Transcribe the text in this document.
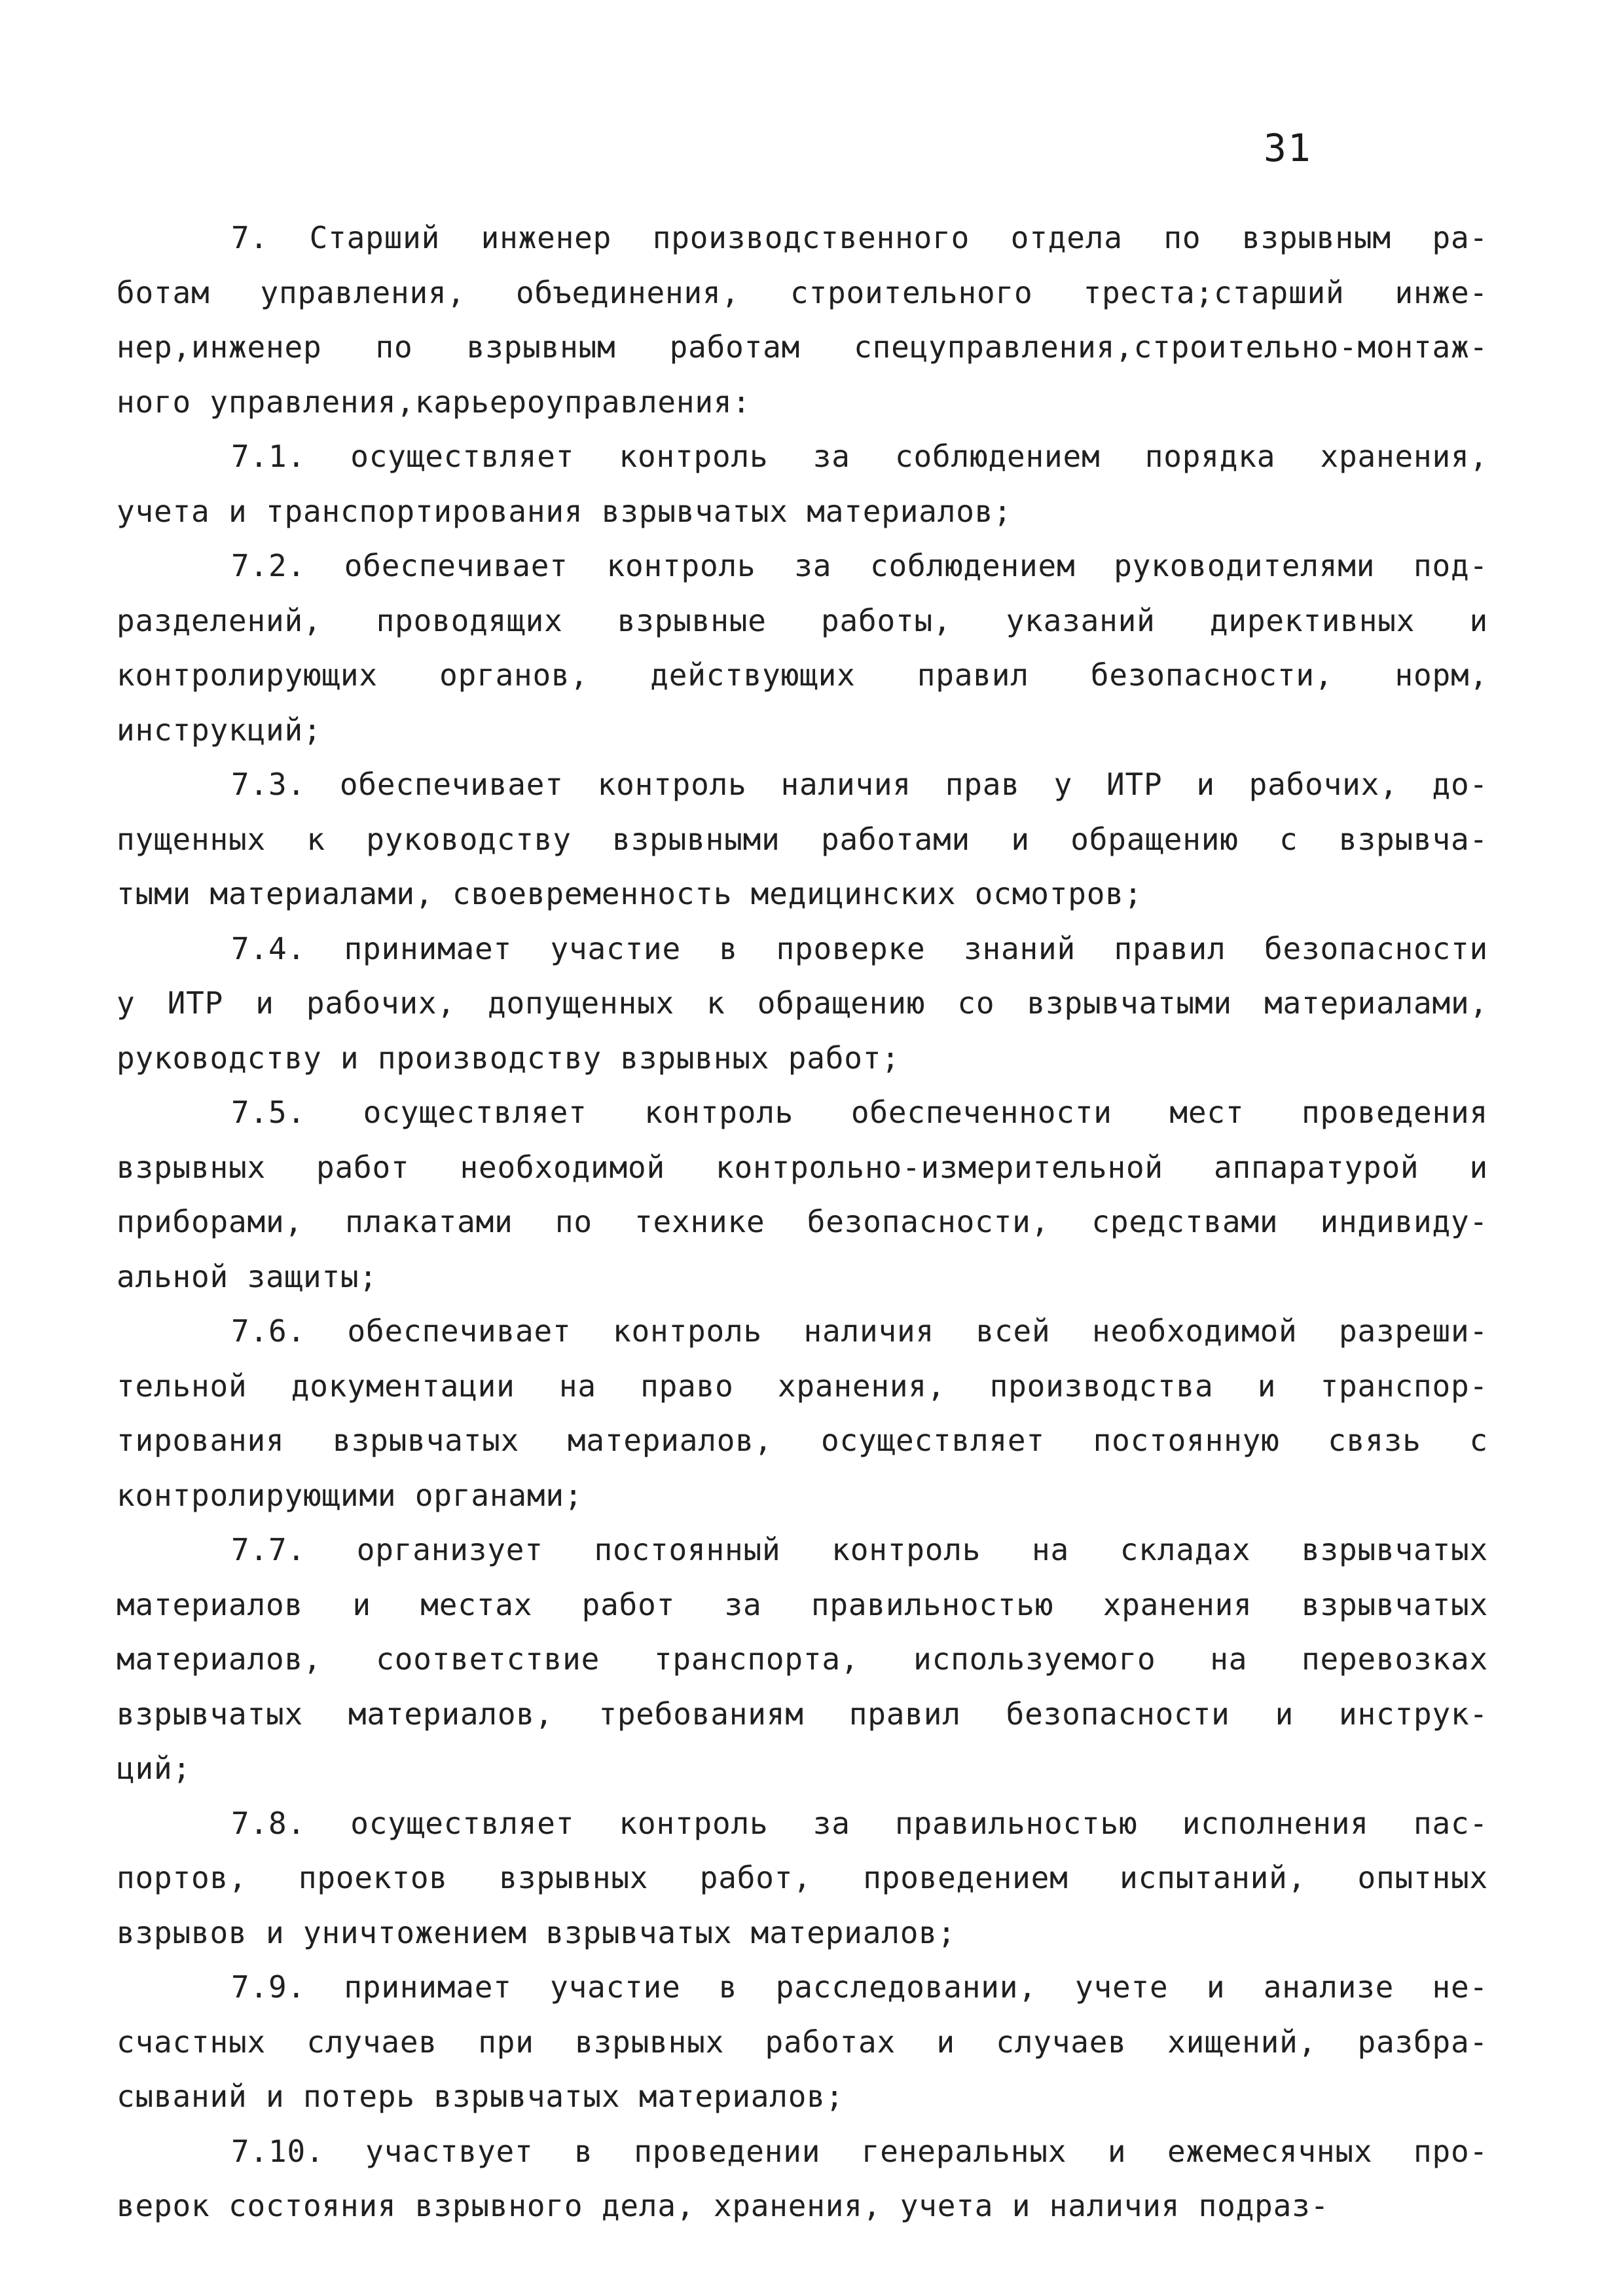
31
7. Старший инженер производственного отдела по взрывным ра-
ботам управления, объединения, строительного треста;старший инже-
нер,инженер по взрывным работам спецуправления,строительно-монтаж-
ного управления,карьероуправления:
7.1. осуществляет контроль за соблюдением порядка хранения,
учета и транспортирования взрывчатых материалов;
7.2. обеспечивает контроль за соблюдением руководителями под-
разделений, проводящих взрывные работы, указаний директивных и
контролирующих органов, действующих правил безопасности, норм,
инструкций;
7.3. обеспечивает контроль наличия прав у ИТР и рабочих, до-
пущенных к руководству взрывными работами и обращению с взрывча-
тыми материалами, своевременность медицинских осмотров;
7.4. принимает участие в проверке знаний правил безопасности
у ИТР и рабочих, допущенных к обращению со взрывчатыми материалами,
руководству и производству взрывных работ;
7.5. осуществляет контроль обеспеченности мест проведения
взрывных работ необходимой контрольно-измерительной аппаратурой и
приборами, плакатами по технике безопасности, средствами индивиду-
альной защиты;
7.6. обеспечивает контроль наличия всей необходимой разреши-
тельной документации на право хранения, производства и транспор-
тирования взрывчатых материалов, осуществляет постоянную связь с
контролирующими органами;
7.7. организует постоянный контроль на складах взрывчатых
материалов и местах работ за правильностью хранения взрывчатых
материалов, соответствие транспорта, используемого на перевозках
взрывчатых материалов, требованиям правил безопасности и инструк-
ций;
7.8. осуществляет контроль за правильностью исполнения пас-
портов, проектов взрывных работ, проведением испытаний, опытных
взрывов и уничтожением взрывчатых материалов;
7.9. принимает участие в расследовании, учете и анализе не-
счастных случаев при взрывных работах и случаев хищений, разбра-
сываний и потерь взрывчатых материалов;
7.10. участвует в проведении генеральных и ежемесячных про-
верок состояния взрывного дела, хранения, учета и наличия подраз-
